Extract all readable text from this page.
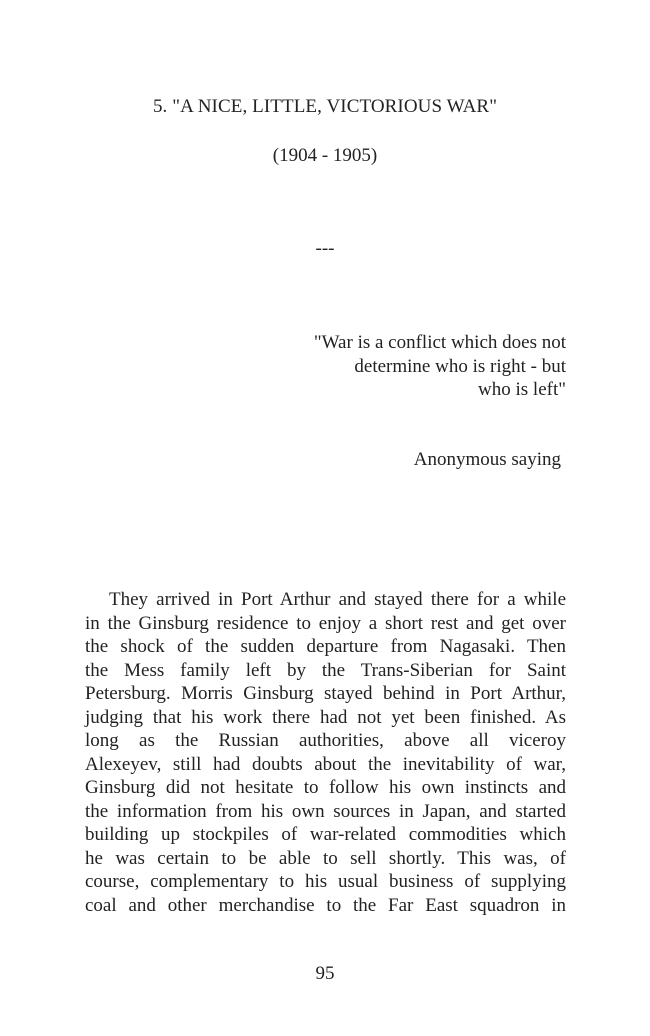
5. "A NICE, LITTLE, VICTORIOUS WAR"
(1904 - 1905)
---
"War is a conflict which does not
determine who is right - but
who is left"
Anonymous saying
They arrived in Port Arthur and stayed there for a while
in the Ginsburg residence to enjoy a short rest and get over
the shock of the sudden departure from Nagasaki. Then
the Mess family left by the Trans-Siberian for Saint
Petersburg. Morris Ginsburg stayed behind in Port Arthur,
judging that his work there had not yet been finished. As
long as the Russian authorities, above all viceroy
Alexeyev, still had doubts about the inevitability of war,
Ginsburg did not hesitate to follow his own instincts and
the information from his own sources in Japan, and started
building up stockpiles of war-related commodities which
he was certain to be able to sell shortly. This was, of
course, complementary to his usual business of supplying
coal and other merchandise to the Far East squadron in
95
